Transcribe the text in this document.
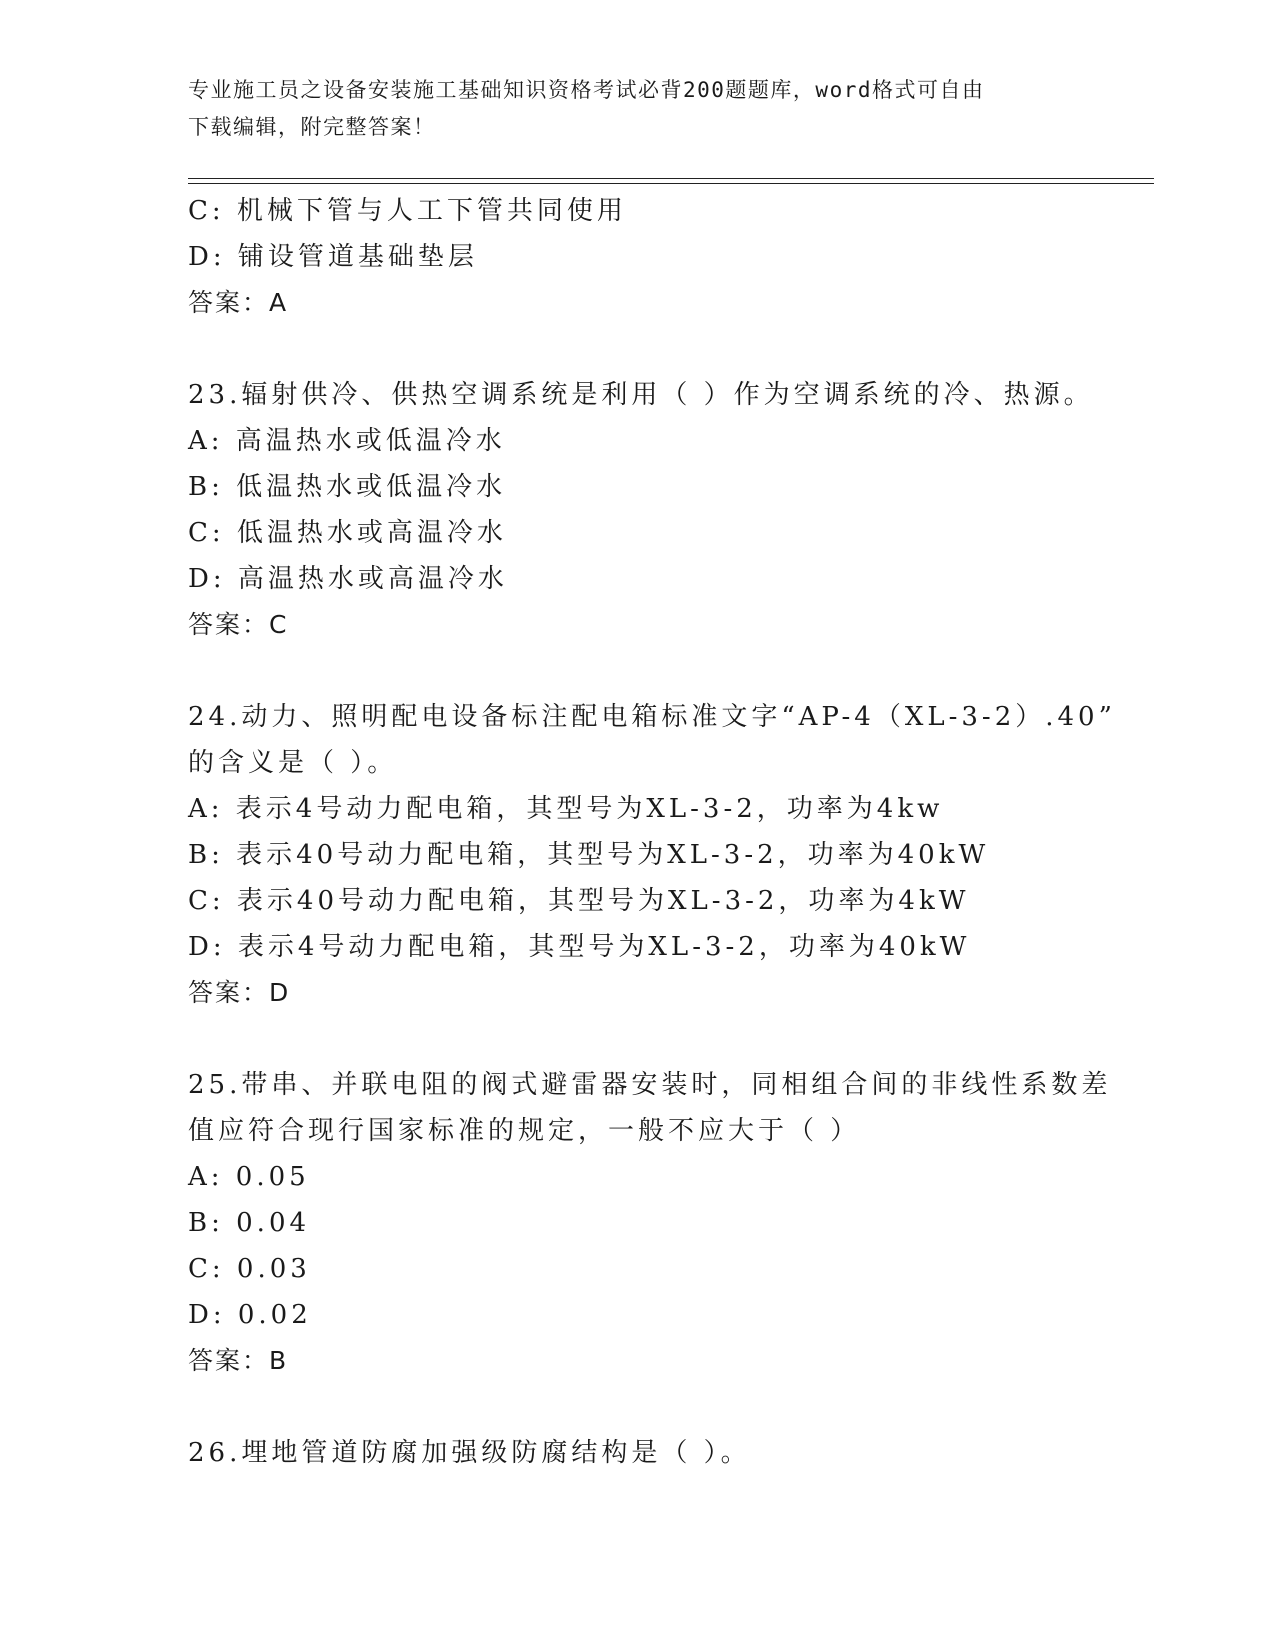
专业施工员之设备安装施工基础知识资格考试必背200题题库，word格式可自由
下载编辑，附完整答案！
C: 机械下管与人工下管共同使用
D: 铺设管道基础垫层
答案：A
23.辐射供冷、供热空调系统是利用（ ）作为空调系统的冷、热源。
A: 高温热水或低温冷水
B: 低温热水或低温冷水
C: 低温热水或高温冷水
D: 高温热水或高温冷水
答案：C
24.动力、照明配电设备标注配电箱标准文字“AP-4（XL-3-2）.40”
的含义是（ ）。
A: 表示4号动力配电箱，其型号为XL-3-2，功率为4kw
B: 表示40号动力配电箱，其型号为XL-3-2，功率为40kW
C: 表示40号动力配电箱，其型号为XL-3-2，功率为4kW
D: 表示4号动力配电箱，其型号为XL-3-2，功率为40kW
答案：D
25.带串、并联电阻的阀式避雷器安装时，同相组合间的非线性系数差
值应符合现行国家标准的规定，一般不应大于（ ）
A: 0.05
B: 0.04
C: 0.03
D: 0.02
答案：B
26.埋地管道防腐加强级防腐结构是（ ）。
